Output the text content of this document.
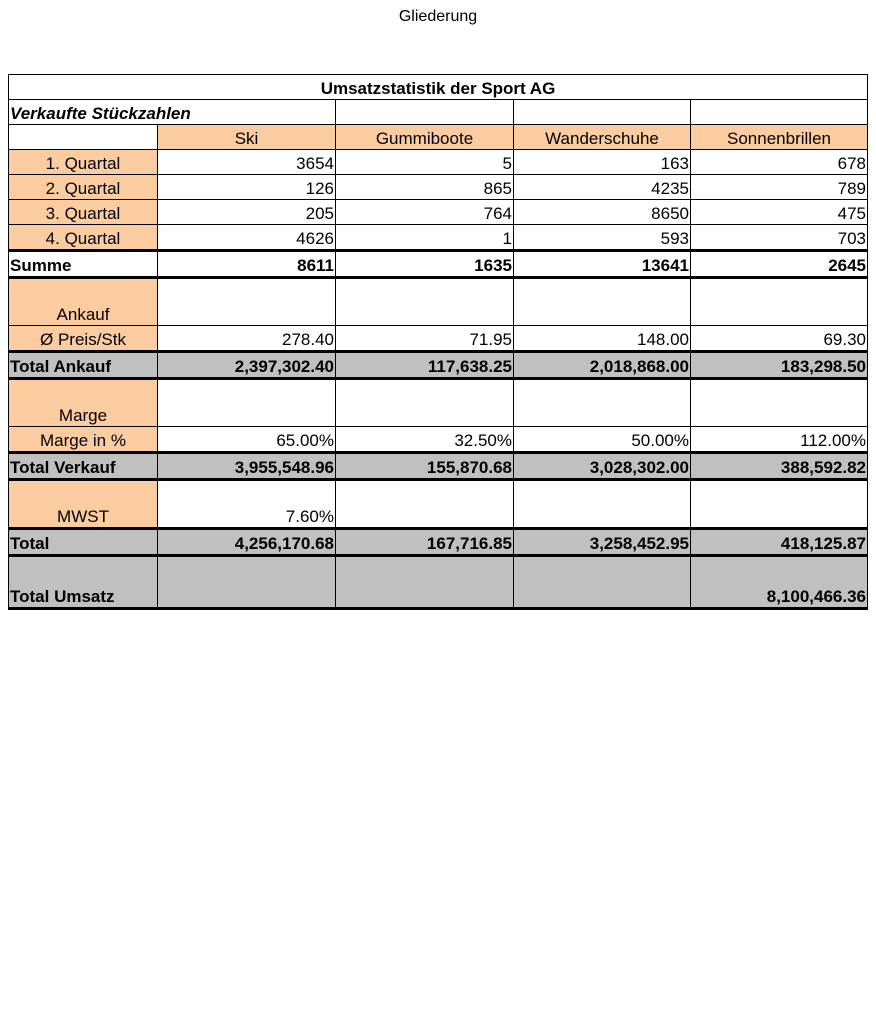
Gliederung
Umsatzstatistik der Sport AG				
Verkaufte Stückzahlen				
	Ski	Gummiboote	Wanderschuhe	Sonnenbrillen
1. Quartal	3654	5	163	678
2. Quartal	126	865	4235	789
3. Quartal	205	764	8650	475
4. Quartal	4626	1	593	703
Summe	8611	1635	13641	2645
Ankauf				
Ø Preis/Stk	278.40	71.95	148.00	69.30
Total Ankauf	2,397,302.40	117,638.25	2,018,868.00	183,298.50
Marge				
Marge in %	65.00%	32.50%	50.00%	112.00%
Total Verkauf	3,955,548.96	155,870.68	3,028,302.00	388,592.82
MWST	7.60%			
Total	4,256,170.68	167,716.85	3,258,452.95	418,125.87
Total Umsatz				8,100,466.36
